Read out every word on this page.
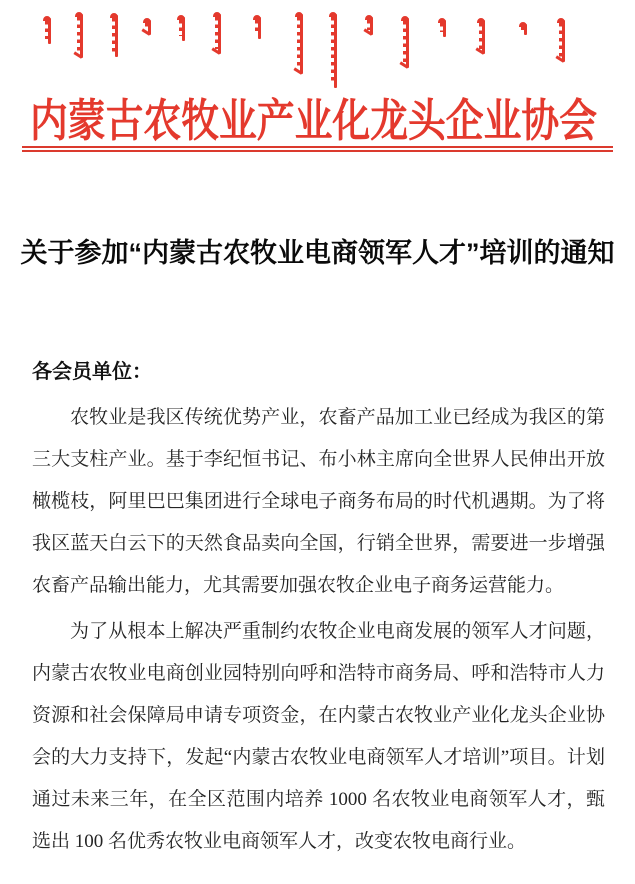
内蒙古农牧业产业化龙头企业协会
关于参加“内蒙古农牧业电商领军人才”培训的通知
各会员单位：

农牧业是我区传统优势产业，农畜产品加工业已经成为我区的第三大支柱产业。基于李纪恒书记、布小林主席向全世界人民伸出开放橄榄枝，阿里巴巴集团进行全球电子商务布局的时代机遇期。为了将我区蓝天白云下的天然食品卖向全国，行销全世界，需要进一步增强农畜产品输出能力，尤其需要加强农牧企业电子商务运营能力。

为了从根本上解决严重制约农牧企业电商发展的领军人才问题，内蒙古农牧业电商创业园特别向呼和浩特市商务局、呼和浩特市人力资源和社会保障局申请专项资金，在内蒙古农牧业产业化龙头企业协会的大力支持下，发起“内蒙古农牧业电商领军人才培训”项目。计划通过未来三年，在全区范围内培养 1000 名农牧业电商领军人才，甄选出 100 名优秀农牧业电商领军人才，改变农牧电商行业。
